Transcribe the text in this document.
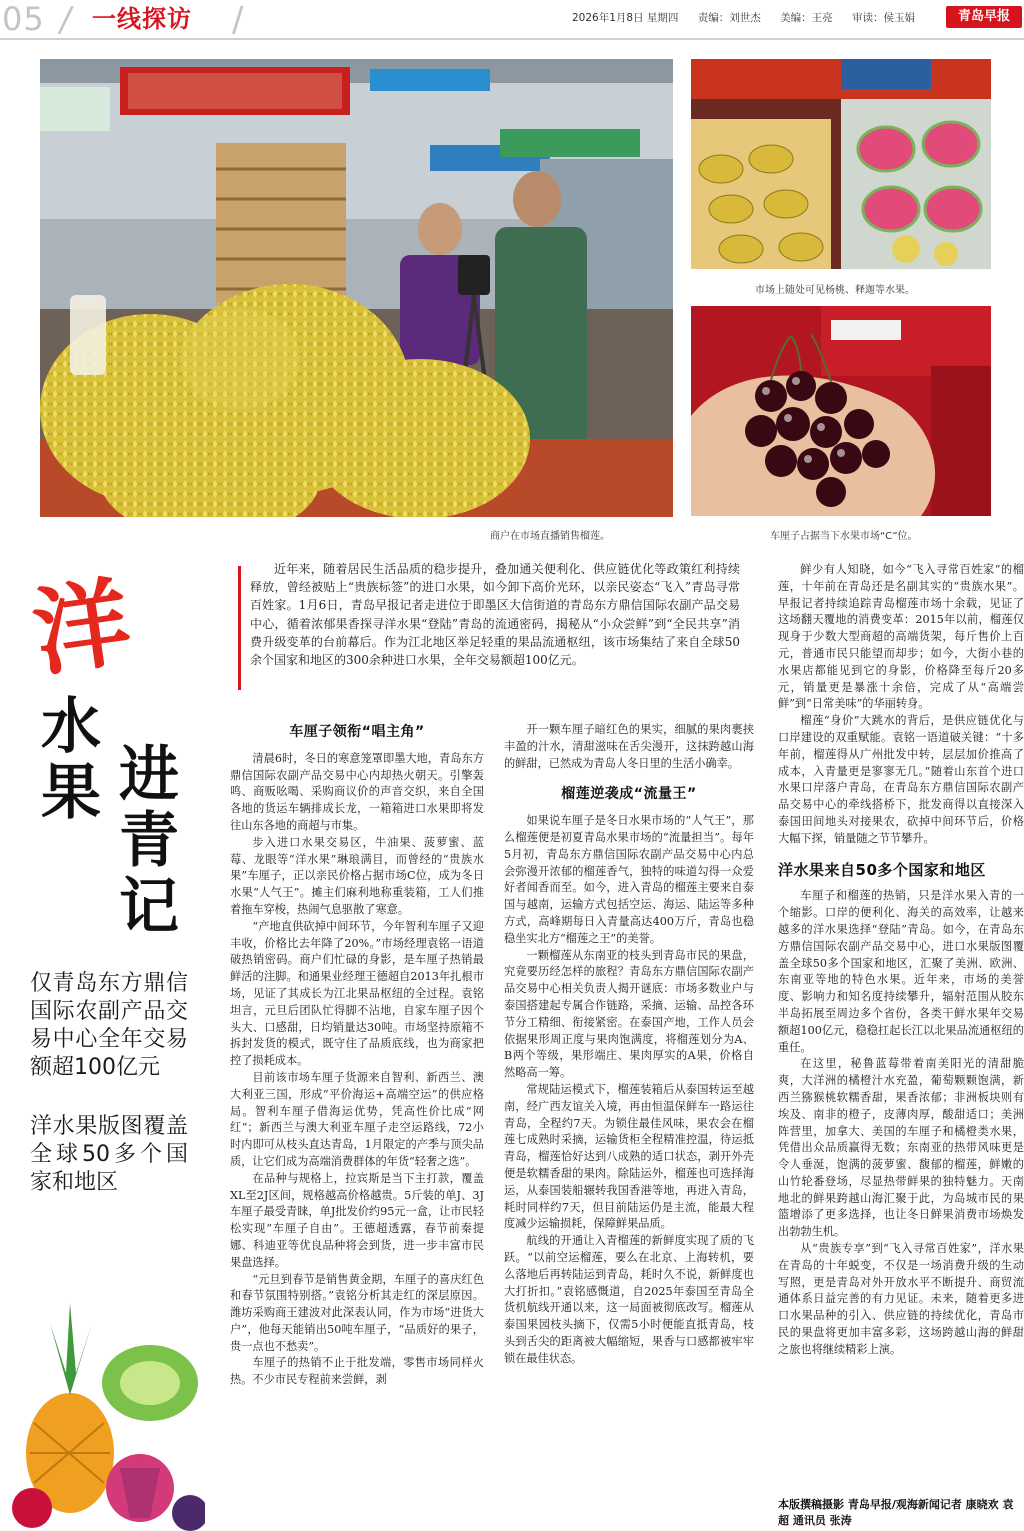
05 / 一线探访 /	2026年1月8日 星期四 责编：刘世杰 美编：王亮 审读：侯玉娟	青岛早报
商户在市场直播销售榴莲。
市场上随处可见杨桃、释迦等水果。
车厘子占据当下水果市场“C”位。
洋
水
果 进
青
记
仅青岛东方鼎信国际农副产品交易中心全年交易额超100亿元
洋水果版图覆盖全球50多个国家和地区
近年来，随着居民生活品质的稳步提升，叠加通关便利化、供应链优化等政策红利持续释放，曾经被贴上“贵族标签”的进口水果，如今卸下高价光环，以亲民姿态“飞入”青岛寻常百姓家。1月6日，青岛早报记者走进位于即墨区大信街道的青岛东方鼎信国际农副产品交易中心，循着浓郁果香探寻洋水果“登陆”青岛的流通密码，揭秘从“小众尝鲜”到“全民共享”消费升级变革的台前幕后。作为江北地区举足轻重的果品流通枢纽，该市场集结了来自全球50余个国家和地区的300余种进口水果，全年交易额超100亿元。
车厘子领衔“唱主角”

清晨6时，冬日的寒意笼罩即墨大地，青岛东方鼎信国际农副产品交易中心内却热火朝天。引擎轰鸣、商贩吆喝、采购商议价的声音交织，来自全国各地的货运车辆排成长龙，一箱箱进口水果即将发往山东各地的商超与市集。

步入进口水果交易区，牛油果、菠萝蜜、蓝莓、龙眼等“洋水果”琳琅满目，而曾经的“贵族水果”车厘子，正以亲民价格占据市场C位，成为冬日水果“人气王”。摊主们麻利地称重装箱，工人们推着拖车穿梭，热闹气息驱散了寒意。

“产地直供砍掉中间环节，今年智利车厘子又迎丰收，价格比去年降了20%。”市场经理袁铭一语道破热销密码。商户们忙碌的身影，是车厘子热销最鲜活的注脚。和通果业经理王德超自2013年扎根市场，见证了其成长为江北果品枢纽的全过程。袁铭坦言，元旦后团队忙得脚不沾地，自家车厘子因个头大、口感甜，日均销量达30吨。市场坚持原箱不拆封发货的模式，既守住了品质底线，也为商家把控了损耗成本。

目前该市场车厘子货源来自智利、新西兰、澳大利亚三国，形成“平价海运+高端空运”的供应格局。智利车厘子借海运优势，凭高性价比成“网红”；新西兰与澳大利亚车厘子走空运路线，72小时内即可从枝头直达青岛，1月限定的产季与顶尖品质，让它们成为高端消费群体的年货“轻奢之选”。

在品种与规格上，拉宾斯是当下主打款，覆盖XL至2J区间，规格越高价格越贵。5斤装的单J、3J车厘子最受青睐，单J批发价约95元一盒，让市民轻松实现“车厘子自由”。王德超透露，春节前秦提娜、科迪亚等优良品种将会到货，进一步丰富市民果盘选择。

“元旦到春节是销售黄金期，车厘子的喜庆红色和春节氛围特别搭。”袁铭分析其走红的深层原因。潍坊采购商王建波对此深表认同，作为市场“进货大户”，他每天能销出50吨车厘子，“品质好的果子，贵一点也不愁卖”。

车厘子的热销不止于批发端，零售市场同样火热。不少市民专程前来尝鲜，剥

开一颗车厘子暗红色的果实，细腻的果肉裹挟丰盈的汁水，清甜滋味在舌尖漫开，这抹跨越山海的鲜甜，已然成为青岛人冬日里的生活小确幸。

榴莲逆袭成“流量王”

如果说车厘子是冬日水果市场的“人气王”，那么榴莲便是初夏青岛水果市场的“流量担当”。每年5月初，青岛东方鼎信国际农副产品交易中心内总会弥漫开浓郁的榴莲香气，独特的味道勾得一众爱好者闻香而至。如今，进入青岛的榴莲主要来自泰国与越南，运输方式包括空运、海运、陆运等多种方式，高峰期每日入青量高达400万斤，青岛也稳稳坐实北方“榴莲之王”的美誉。

一颗榴莲从东南亚的枝头到青岛市民的果盘，究竟要历经怎样的旅程？青岛东方鼎信国际农副产品交易中心相关负责人揭开谜底：市场多数业户与泰国搭建起专属合作链路，采摘、运输、品控各环节分工精细、衔接紧密。在泰国产地，工作人员会依据果形周正度与果肉饱满度，将榴莲划分为A、B两个等级，果形端庄、果肉厚实的A果，价格自然略高一筹。

常规陆运模式下，榴莲装箱后从泰国转运至越南，经广西友谊关入境，再由恒温保鲜车一路运往青岛，全程约7天。为锁住最佳风味，果农会在榴莲七成熟时采摘，运输货柜全程精准控温，待运抵青岛，榴莲恰好达到八成熟的适口状态，剥开外壳便是软糯香甜的果肉。除陆运外，榴莲也可选择海运，从泰国装船辗转我国香港等地，再进入青岛，耗时同样约7天，但目前陆运仍是主流，能最大程度减少运输损耗，保障鲜果品质。

航线的开通让入青榴莲的新鲜度实现了质的飞跃。“以前空运榴莲，要么在北京、上海转机，要么落地后再转陆运到青岛，耗时久不说，新鲜度也大打折扣。”袁铭感慨道，自2025年泰国至青岛全货机航线开通以来，这一局面被彻底改写。榴莲从泰国果园枝头摘下，仅需5小时便能直抵青岛，枝头到舌尖的距离被大幅缩短，果香与口感都被牢牢锁在最佳状态。

鲜少有人知晓，如今“飞入寻常百姓家”的榴莲，十年前在青岛还是名副其实的“贵族水果”。早报记者持续追踪青岛榴莲市场十余载，见证了这场翻天覆地的消费变革：2015年以前，榴莲仅现身于少数大型商超的高端货架，每斤售价上百元，普通市民只能望而却步；如今，大街小巷的水果店都能见到它的身影，价格降至每斤20多元，销量更是暴涨十余倍，完成了从“高端尝鲜”到“日常美味”的华丽转身。

榴莲“身价”大跳水的背后，是供应链优化与口岸建设的双重赋能。袁铭一语道破关键：“十多年前，榴莲得从广州批发中转，层层加价推高了成本，入青量更是寥寥无几。”随着山东首个进口水果口岸落户青岛，在青岛东方鼎信国际农副产品交易中心的牵线搭桥下，批发商得以直接深入泰国田间地头对接果农，砍掉中间环节后，价格大幅下探，销量随之节节攀升。

洋水果来自50多个国家和地区

车厘子和榴莲的热销，只是洋水果入青的一个缩影。口岸的便利化、海关的高效率，让越来越多的洋水果选择“登陆”青岛。如今，在青岛东方鼎信国际农副产品交易中心，进口水果版图覆盖全球50多个国家和地区，汇聚了美洲、欧洲、东南亚等地的特色水果。近年来，市场的美誉度、影响力和知名度持续攀升，辐射范围从胶东半岛拓展至周边多个省份，各类干鲜水果年交易额超100亿元，稳稳扛起长江以北果品流通枢纽的重任。

在这里，秘鲁蓝莓带着南美阳光的清甜脆爽，大洋洲的橘橙汁水充盈，葡萄颗颗饱满，新西兰猕猴桃软糯香甜，果香浓郁；非洲板块则有埃及、南非的橙子，皮薄肉厚，酸甜适口；美洲阵营里，加拿大、美国的车厘子和橘橙类水果，凭借出众品质赢得无数；东南亚的热带风味更是令人垂涎，饱满的菠萝蜜、馥郁的榴莲，鲜嫩的山竹轮番登场，尽显热带鲜果的独特魅力。天南地北的鲜果跨越山海汇聚于此，为岛城市民的果篮增添了更多选择，也让冬日鲜果消费市场焕发出勃勃生机。

从“贵族专享”到“飞入寻常百姓家”，洋水果在青岛的十年蜕变，不仅是一场消费升级的生动写照，更是青岛对外开放水平不断提升、商贸流通体系日益完善的有力见证。未来，随着更多进口水果品种的引入、供应链的持续优化，青岛市民的果盘将更加丰富多彩，这场跨越山海的鲜甜之旅也将继续精彩上演。

本版撰稿摄影 青岛早报/观海新闻记者 康晓欢 袁超 通讯员 张涛
